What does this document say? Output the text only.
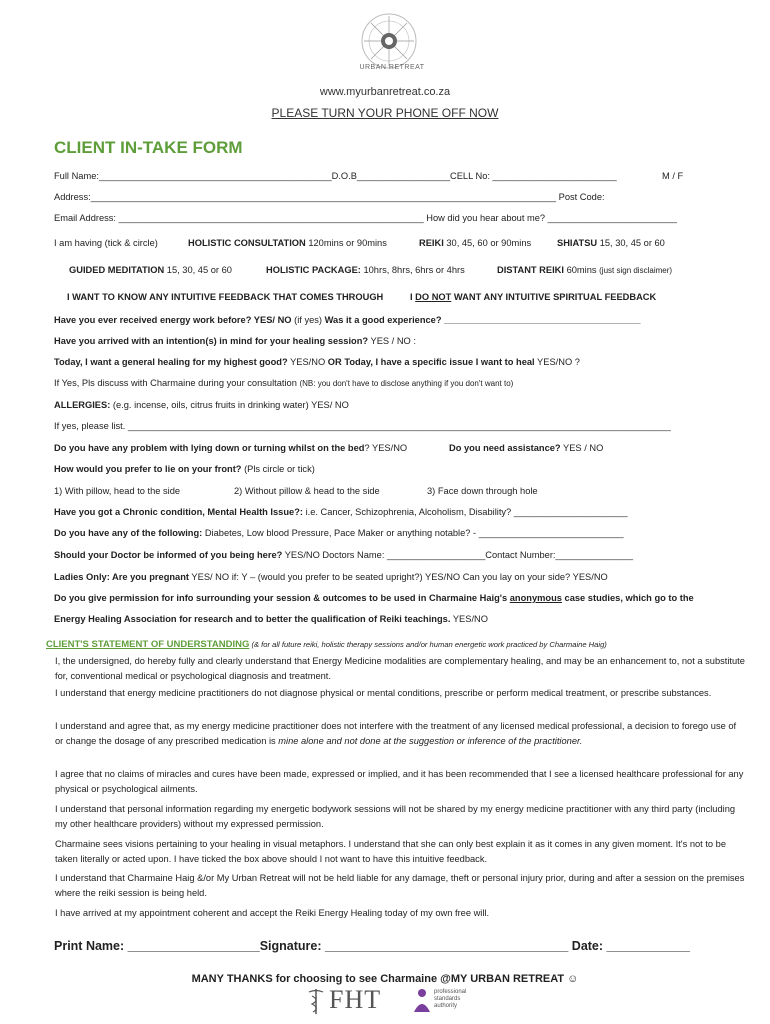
URBAN RETREAT
www.myurbanretreat.co.za
PLEASE TURN YOUR PHONE OFF NOW
CLIENT IN-TAKE FORM
Full Name:_____________________________________________D.O.B__________________CELL No: ________________________	M / F
Address:__________________________________________________________________________________________ Post Code:
Email Address: ___________________________________________________________ How did you hear about me? _________________________
I am having (tick & circle)	HOLISTIC CONSULTATION 120mins or 90mins	REIKI 30, 45, 60 or 90mins	SHIATSU 15, 30, 45 or 60
GUIDED MEDITATION 15, 30, 45 or 60	HOLISTIC PACKAGE: 10hrs, 8hrs, 6hrs or 4hrs	DISTANT REIKI 60mins (just sign disclaimer)
I WANT TO KNOW ANY INTUITIVE FEEDBACK THAT COMES THROUGH	I DO NOT WANT ANY INTUITIVE SPIRITUAL FEEDBACK
Have you ever received energy work before? YES/ NO (if yes) Was it a good experience? ______________________________________
Have you arrived with an intention(s) in mind for your healing session? YES / NO :
Today, I want a general healing for my highest good? YES/NO OR Today, I have a specific issue I want to heal YES/NO ?
If Yes, Pls discuss with Charmaine during your consultation (NB: you don't have to disclose anything if you don't want to)
ALLERGIES: (e.g. incense, oils, citrus fruits in drinking water) YES/ NO
If yes, please list. _________________________________________________________________________________________________________
Do you have any problem with lying down or turning whilst on the bed? YES/NO	Do you need assistance? YES / NO
How would you prefer to lie on your front? (Pls circle or tick)
1) With pillow, head to the side	2) Without pillow & head to the side	3) Face down through hole
Have you got a Chronic condition, Mental Health Issue?: i.e. Cancer, Schizophrenia, Alcoholism, Disability? ______________________
Do you have any of the following: Diabetes, Low blood Pressure, Pace Maker or anything notable? - ____________________________
Should your Doctor be informed of you being here? YES/NO Doctors Name: ___________________Contact Number:_______________
Ladies Only: Are you pregnant YES/ NO if: Y – (would you prefer to be seated upright?) YES/NO Can you lay on your side? YES/NO
Do you give permission for info surrounding your session & outcomes to be used in Charmaine Haig's anonymous case studies, which go to the
Energy Healing Association for research and to better the qualification of Reiki teachings. YES/NO
CLIENT'S STATEMENT OF UNDERSTANDING (& for all future reiki, holistic therapy sessions and/or human energetic work practiced by Charmaine Haig)
I, the undersigned, do hereby fully and clearly understand that Energy Medicine modalities are complementary healing, and may be an enhancement to, not a substitute for, conventional medical or psychological diagnosis and treatment.
I understand that energy medicine practitioners do not diagnose physical or mental conditions, prescribe or perform medical treatment, or prescribe substances.
I understand and agree that, as my energy medicine practitioner does not interfere with the treatment of any licensed medical professional, a decision to forego use of or change the dosage of any prescribed medication is mine alone and not done at the suggestion or inference of the practitioner.
I agree that no claims of miracles and cures have been made, expressed or implied, and it has been recommended that I see a licensed healthcare professional for any physical or psychological ailments.
I understand that personal information regarding my energetic bodywork sessions will not be shared by my energy medicine practitioner with any third party (including my other healthcare providers) without my expressed permission.
Charmaine sees visions pertaining to your healing in visual metaphors. I understand that she can only best explain it as it comes in any given moment. It's not to be taken literally or acted upon. I have ticked the box above should I not want to have this intuitive feedback.
I understand that Charmaine Haig &/or My Urban Retreat will not be held liable for any damage, theft or personal injury prior, during and after a session on the premises where the reiki session is being held.
I have arrived at my appointment coherent and accept the Reiki Energy Healing today of my own free will.
Print Name: ___________________Signature: ___________________________________ Date: ____________
MANY THANKS for choosing to see Charmaine @MY URBAN RETREAT ☺
FHT	professional standards authority
